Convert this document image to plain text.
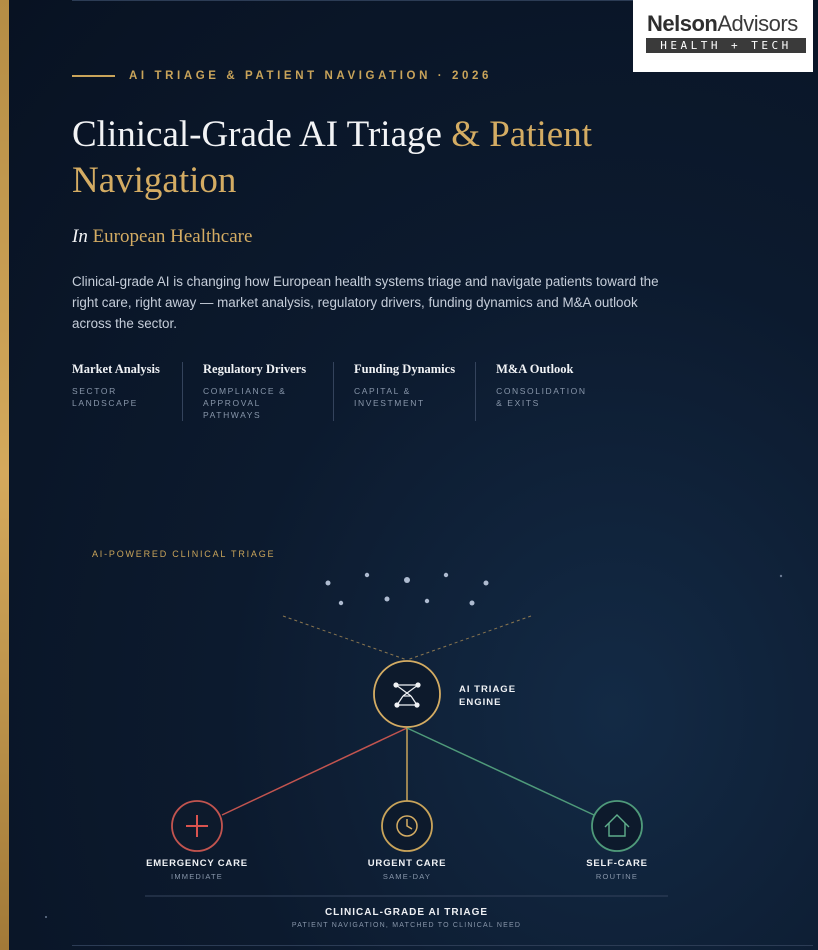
NelsonAdvisors
HEALTH + TECH
AI TRIAGE & PATIENT NAVIGATION · 2026
Clinical-Grade AI Triage & Patient Navigation
In European Healthcare
Clinical-grade AI is changing how European health systems triage and navigate patients toward the right care, right away — market analysis, regulatory drivers, funding dynamics and M&A outlook across the sector.
Market Analysis
SECTOR LANDSCAPE
Regulatory Drivers
COMPLIANCE & APPROVAL PATHWAYS
Funding Dynamics
CAPITAL & INVESTMENT
M&A Outlook
CONSOLIDATION & EXITS
AI-POWERED CLINICAL TRIAGE
AI TRIAGE
ENGINE
EMERGENCY CARE
IMMEDIATE
URGENT CARE
SAME-DAY
SELF-CARE
ROUTINE
CLINICAL-GRADE AI TRIAGE
PATIENT NAVIGATION, MATCHED TO CLINICAL NEED
